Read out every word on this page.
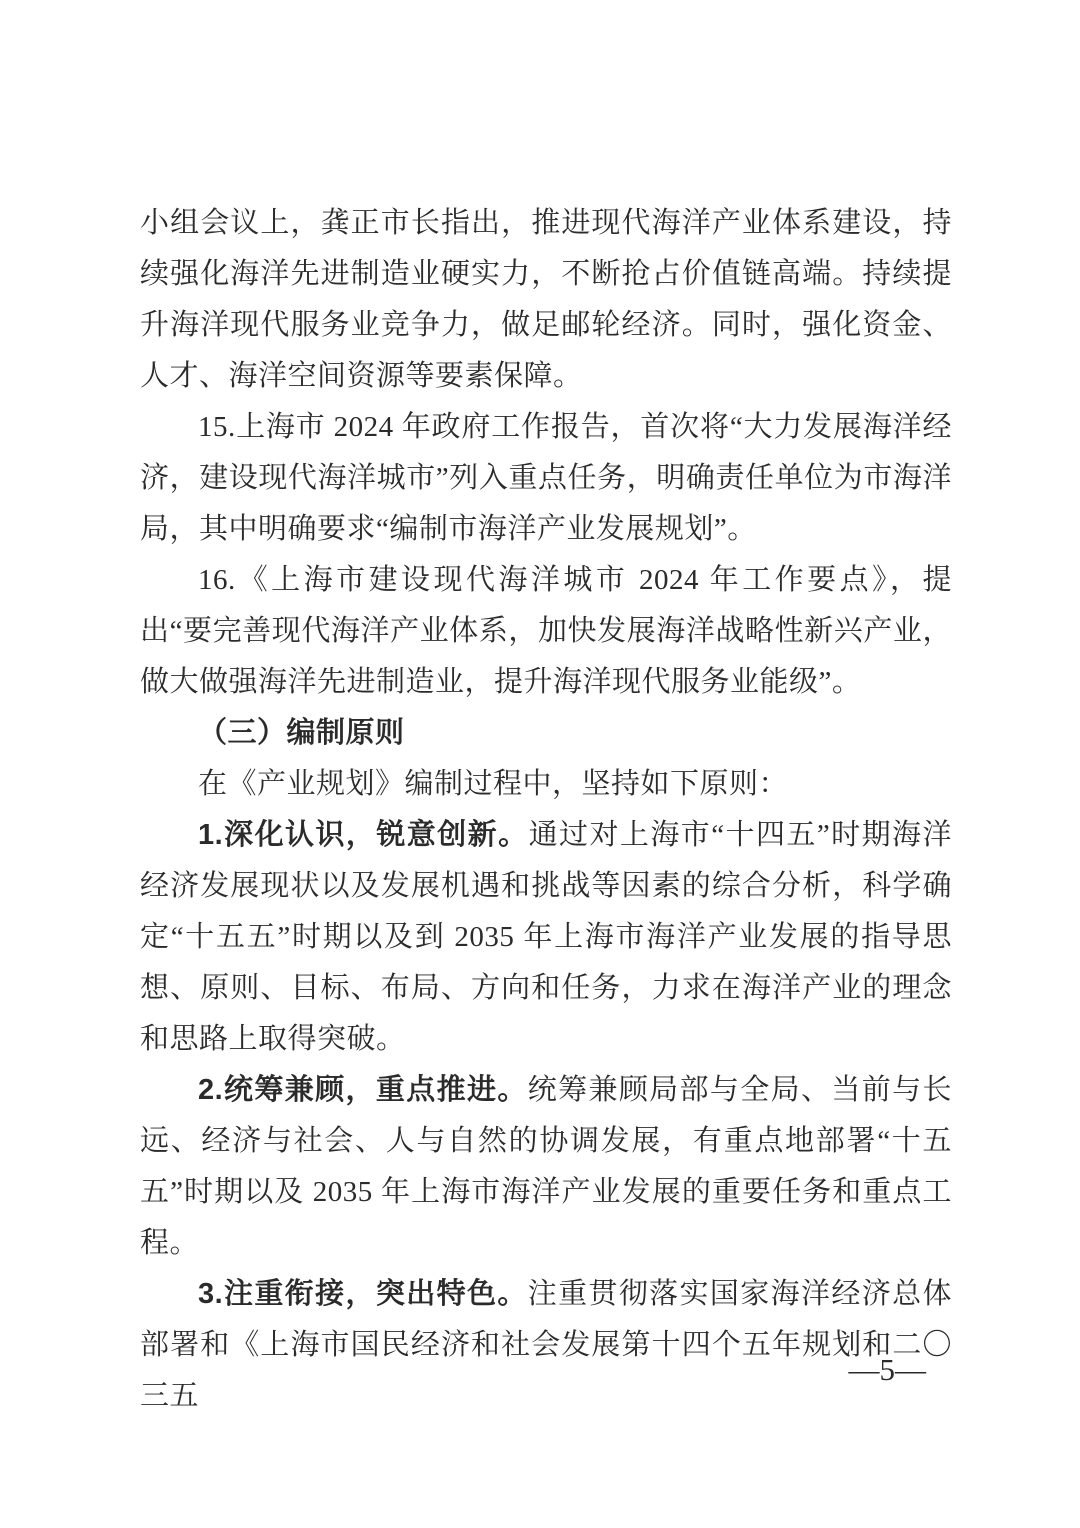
小组会议上，龚正市长指出，推进现代海洋产业体系建设，持续强化海洋先进制造业硬实力，不断抢占价值链高端。持续提升海洋现代服务业竞争力，做足邮轮经济。同时，强化资金、人才、海洋空间资源等要素保障。

15.上海市 2024 年政府工作报告，首次将“大力发展海洋经济，建设现代海洋城市”列入重点任务，明确责任单位为市海洋局，其中明确要求“编制市海洋产业发展规划”。

16.《上海市建设现代海洋城市 2024 年工作要点》，提出“要完善现代海洋产业体系，加快发展海洋战略性新兴产业，做大做强海洋先进制造业，提升海洋现代服务业能级”。

（三）编制原则

在《产业规划》编制过程中，坚持如下原则：

1.深化认识，锐意创新。通过对上海市“十四五”时期海洋经济发展现状以及发展机遇和挑战等因素的综合分析，科学确定“十五五”时期以及到 2035 年上海市海洋产业发展的指导思想、原则、目标、布局、方向和任务，力求在海洋产业的理念和思路上取得突破。

2.统筹兼顾，重点推进。统筹兼顾局部与全局、当前与长远、经济与社会、人与自然的协调发展，有重点地部署“十五五”时期以及 2035 年上海市海洋产业发展的重要任务和重点工程。

3.注重衔接，突出特色。注重贯彻落实国家海洋经济总体部署和《上海市国民经济和社会发展第十四个五年规划和二〇三五

—5—
